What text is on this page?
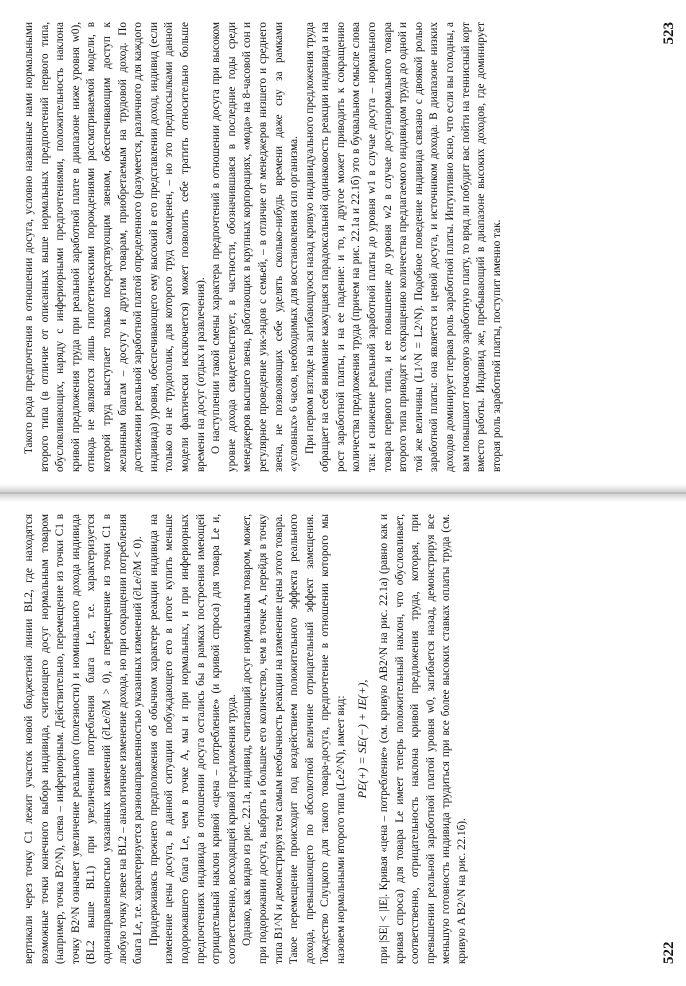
вертикали через точку C1 лежит участок новой бюджетной линии BL2, где находятся возможные точки конечного выбора индивида, считающего досуг нормальным товаром (например, точка B2^N), слева – инфериорным. Действительно, перемещение из точки C1 в точку B2^N означает увеличение реального (полезности) и номинального дохода индивида (BL2 выше BL1) при увеличении потребления блага Le, т.е. характеризуется однонаправленностью указанных изменений (∂Le/∂M > 0), а перемещение из точки C1 в любую точку левее на BL2 – аналогичное изменение дохода, но при сокращении потребления блага Le, т.е. характеризуется разнонаправленностью указанных изменений (∂Le/∂M < 0). Придерживаясь прежнего предположения об обычном характере реакции индивида на изменение цены досуга, в данной ситуации побуждающего его в итоге купить меньше подорожавшего блага Le, чем в точке A, мы и при нормальных, и при инфериорных предпочтениях индивида в отношении досуга остались бы в рамках построения имеющей отрицательный наклон кривой «цена – потребление» (и кривой спроса) для товара Le и, соответственно, восходящей кривой предложения труда. Однако, как видно из рис. 22.1а, индивид, считающий досуг нормальным товаром, может, при подорожании досуга, выбрать и большее его количество, чем в точке A, перейдя в точку типа B1^N и демонстрируя тем самым необычность реакции на изменение цены этого товара. Такое перемещение происходит под воздействием положительного эффекта реального дохода, превышающего по абсолютной величине отрицательный эффект замещения. Тождество Слуцкого для такого товара-досуга, предпочтение в отношении которого мы назовем нормальными второго типа (Le2^N), имеет вид: PE(+) = SE(−) + IE(+), при |SE| < |IE|. Кривая «цена – потребление» (см. кривую AB2^N на рис. 22.1а) (равно как и кривая спроса) для товара Le имеет теперь положительный наклон, что обусловливает, соответственно, отрицательность наклона кривой предложения труда, которая, при превышении реальной заработной платой уровня w0, загибается назад, демонстрируя все меньшую готовность индивида трудиться при все более высоких ставках оплаты труда (см. кривую A B2^N на рис. 22.1б).	522

Такого рода предпочтения в отношении досуга, условно названные нами нормальными второго типа (в отличие от описанных выше нормальных предпочтений первого типа, обусловливающих, наряду с инфериорными предпочтениями, положительность наклона кривой предложения труда при реальной заработной плате в диапазоне ниже уровня w0), отнюдь не являются лишь гипотетическими порождениями рассматриваемой модели, в которой труд выступает только посредствующим звеном, обеспечивающим доступ к желанным благам – досугу и другим товарам, приобретаемым на трудовой доход. По достижении реальной заработной платой определенного (разумеется, различного для каждого индивида) уровня, обеспечивающего ему высокий в его представлении доход, индивид (если только он не трудоголик, для которого труд самоценен, – но это предпосылками данной модели фактически исключается) может позволить себе тратить относительно больше времени на досуг (отдых и развлечения). О наступлении такой смены характера предпочтений в отношении досуга при высоком уровне дохода свидетельствует, в частности, обозначившаяся в последние годы среди менеджеров высшего звена, работающих в крупных корпорациях, «мода» на 8-часовой сон и регулярное проведение уик-эндов с семьей, – в отличие от менеджеров низшего и среднего звена, не позволяющих себе уделять сколько-нибудь времени даже сну за рамками «условных» 6 часов, необходимых для восстановления сил организма. При первом взгляде на загибающуюся назад кривую индивидуального предложения труда обращает на себя внимание кажущаяся парадоксальной одинаковость реакции индивида и на рост заработной платы, и на ее падение: и то, и другое может приводить к сокращению количества предложения труда (причем на рис. 22.1а и 22.1б) это в буквальном смысле слова так: и снижение реальной заработной платы до уровня w1 в случае досуга – нормального товара первого типа, и ее повышение до уровня w2 в случае досуганормального товара второго типа приводят к сокращению количества предлагаемого индивидом труда до одной и той же величины (L1^N = L2^N). Подобное поведение индивида связано с двоякой ролью заработной платы: она является и ценой досуга, и источником дохода. В диапазоне низких доходов доминирует первая роль заработной платы. Интуитивно ясно, что если вы голодны, а вам повышают почасовую заработную плату, то вряд ли побудит вас пойти на теннисный корт вместо работы. Индивид же, пребывающий в диапазоне высоких доходов, где доминирует вторая роль заработной платы, поступит именно так.

523
